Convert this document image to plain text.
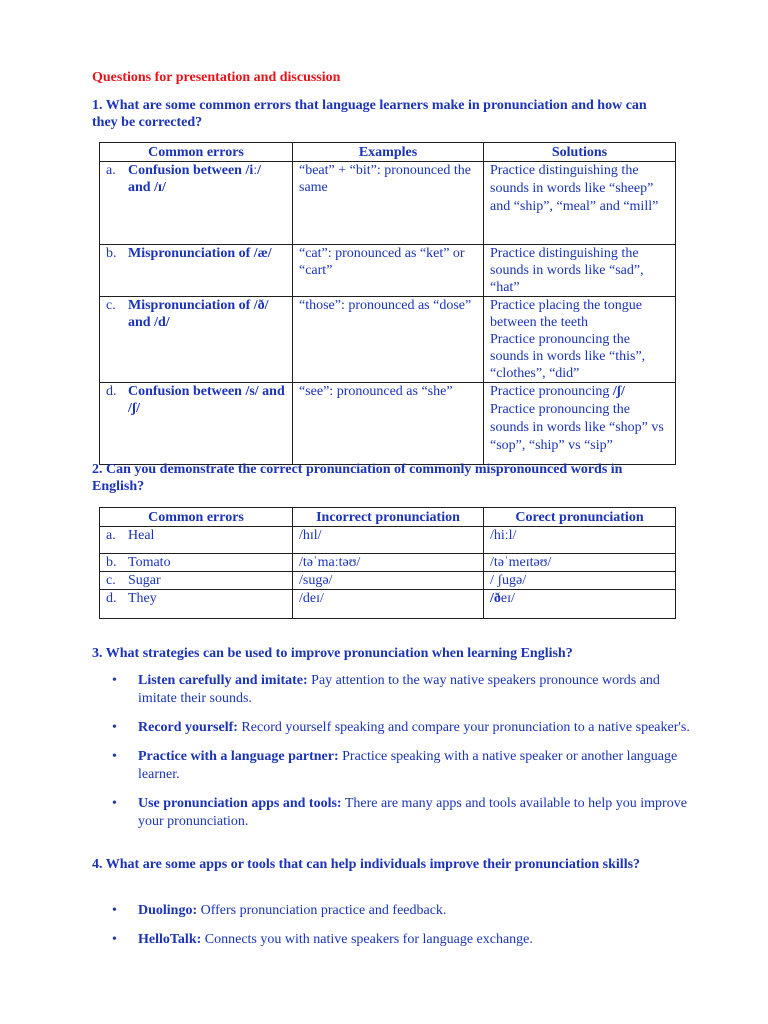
Questions for presentation and discussion
1. What are some common errors that language learners make in pronunciation and how can they be corrected?
Common errors	Examples	Solutions

a. Confusion between /iː/ and /ɪ/	“beat” + “bit”: pronounced the same	Practice distinguishing the sounds in words like “sheep” and “ship”, “meal” and “mill”

b. Mispronunciation of /æ/	“cat”: pronounced as “ket” or “cart”	Practice distinguishing the sounds in words like “sad”, “hat”

c. Mispronunciation of /ð/ and /d/	“those”: pronounced as “dose”	Practice placing the tongue between the teeth
Practice pronouncing the sounds in words like “this”, “clothes”, “did”

d. Confusion between /s/ and /ʃ/	“see”: pronounced as “she”	Practice pronouncing /ʃ/
Practice pronouncing the sounds in words like “shop” vs “sop”, “ship” vs “sip”
2. Can you demonstrate the correct pronunciation of commonly mispronounced words in English?
Common errors	Incorrect pronunciation	Corect pronunciation
a. Heal	/hɪl/	/hiːl/
b. Tomato	/təˈmaːtəʊ/	/təˈmeɪtəʊ/
c. Sugar	/sugə/	/ ʃugə/
d. They	/deɪ/	/ðeɪ/
3. What strategies can be used to improve pronunciation when learning English?
• Listen carefully and imitate: Pay attention to the way native speakers pronounce words and imitate their sounds.
• Record yourself: Record yourself speaking and compare your pronunciation to a native speaker's.
• Practice with a language partner: Practice speaking with a native speaker or another language learner.
• Use pronunciation apps and tools: There are many apps and tools available to help you improve your pronunciation.
4. What are some apps or tools that can help individuals improve their pronunciation skills?
• Duolingo: Offers pronunciation practice and feedback.
• HelloTalk: Connects you with native speakers for language exchange.
